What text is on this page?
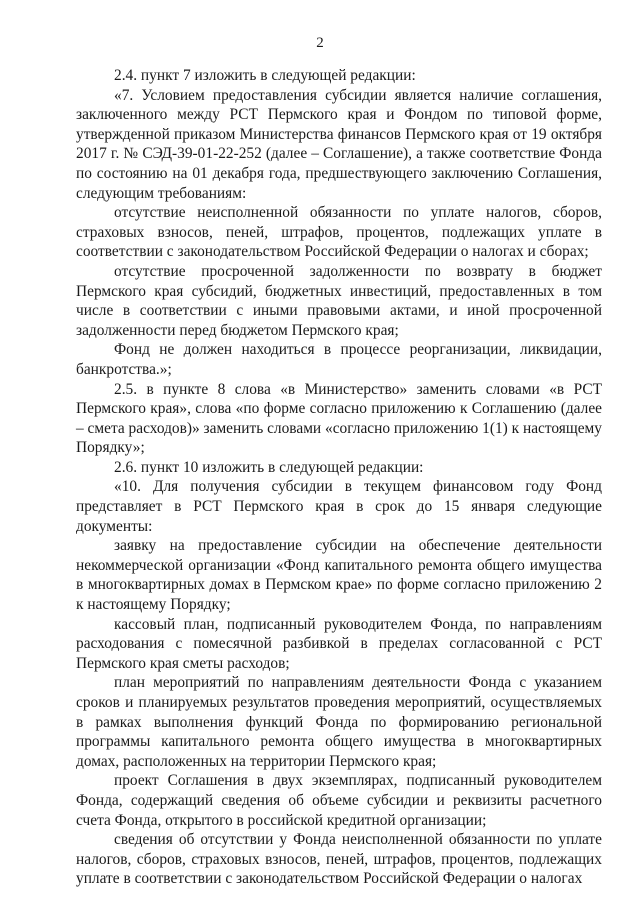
2

2.4. пункт 7 изложить в следующей редакции:

«7. Условием предоставления субсидии является наличие соглашения, заключенного между РСТ Пермского края и Фондом по типовой форме, утвержденной приказом Министерства финансов Пермского края от 19 октября 2017 г. № СЭД-39-01-22-252 (далее – Соглашение), а также соответствие Фонда по состоянию на 01 декабря года, предшествующего заключению Соглашения, следующим требованиям:

отсутствие неисполненной обязанности по уплате налогов, сборов, страховых взносов, пеней, штрафов, процентов, подлежащих уплате в соответствии с законодательством Российской Федерации о налогах и сборах;

отсутствие просроченной задолженности по возврату в бюджет Пермского края субсидий, бюджетных инвестиций, предоставленных в том числе в соответствии с иными правовыми актами, и иной просроченной задолженности перед бюджетом Пермского края;

Фонд не должен находиться в процессе реорганизации, ликвидации, банкротства.»;

2.5. в пункте 8 слова «в Министерство» заменить словами «в РСТ Пермского края», слова «по форме согласно приложению к Соглашению (далее – смета расходов)» заменить словами «согласно приложению 1(1) к настоящему Порядку»;

2.6. пункт 10 изложить в следующей редакции:

«10. Для получения субсидии в текущем финансовом году Фонд представляет в РСТ Пермского края в срок до 15 января следующие документы:

заявку на предоставление субсидии на обеспечение деятельности некоммерческой организации «Фонд капитального ремонта общего имущества в многоквартирных домах в Пермском крае» по форме согласно приложению 2 к настоящему Порядку;

кассовый план, подписанный руководителем Фонда, по направлениям расходования с помесячной разбивкой в пределах согласованной с РСТ Пермского края сметы расходов;

план мероприятий по направлениям деятельности Фонда с указанием сроков и планируемых результатов проведения мероприятий, осуществляемых в рамках выполнения функций Фонда по формированию региональной программы капитального ремонта общего имущества в многоквартирных домах, расположенных на территории Пермского края;

проект Соглашения в двух экземплярах, подписанный руководителем Фонда, содержащий сведения об объеме субсидии и реквизиты расчетного счета Фонда, открытого в российской кредитной организации;

сведения об отсутствии у Фонда неисполненной обязанности по уплате налогов, сборов, страховых взносов, пеней, штрафов, процентов, подлежащих уплате в соответствии с законодательством Российской Федерации о налогах
